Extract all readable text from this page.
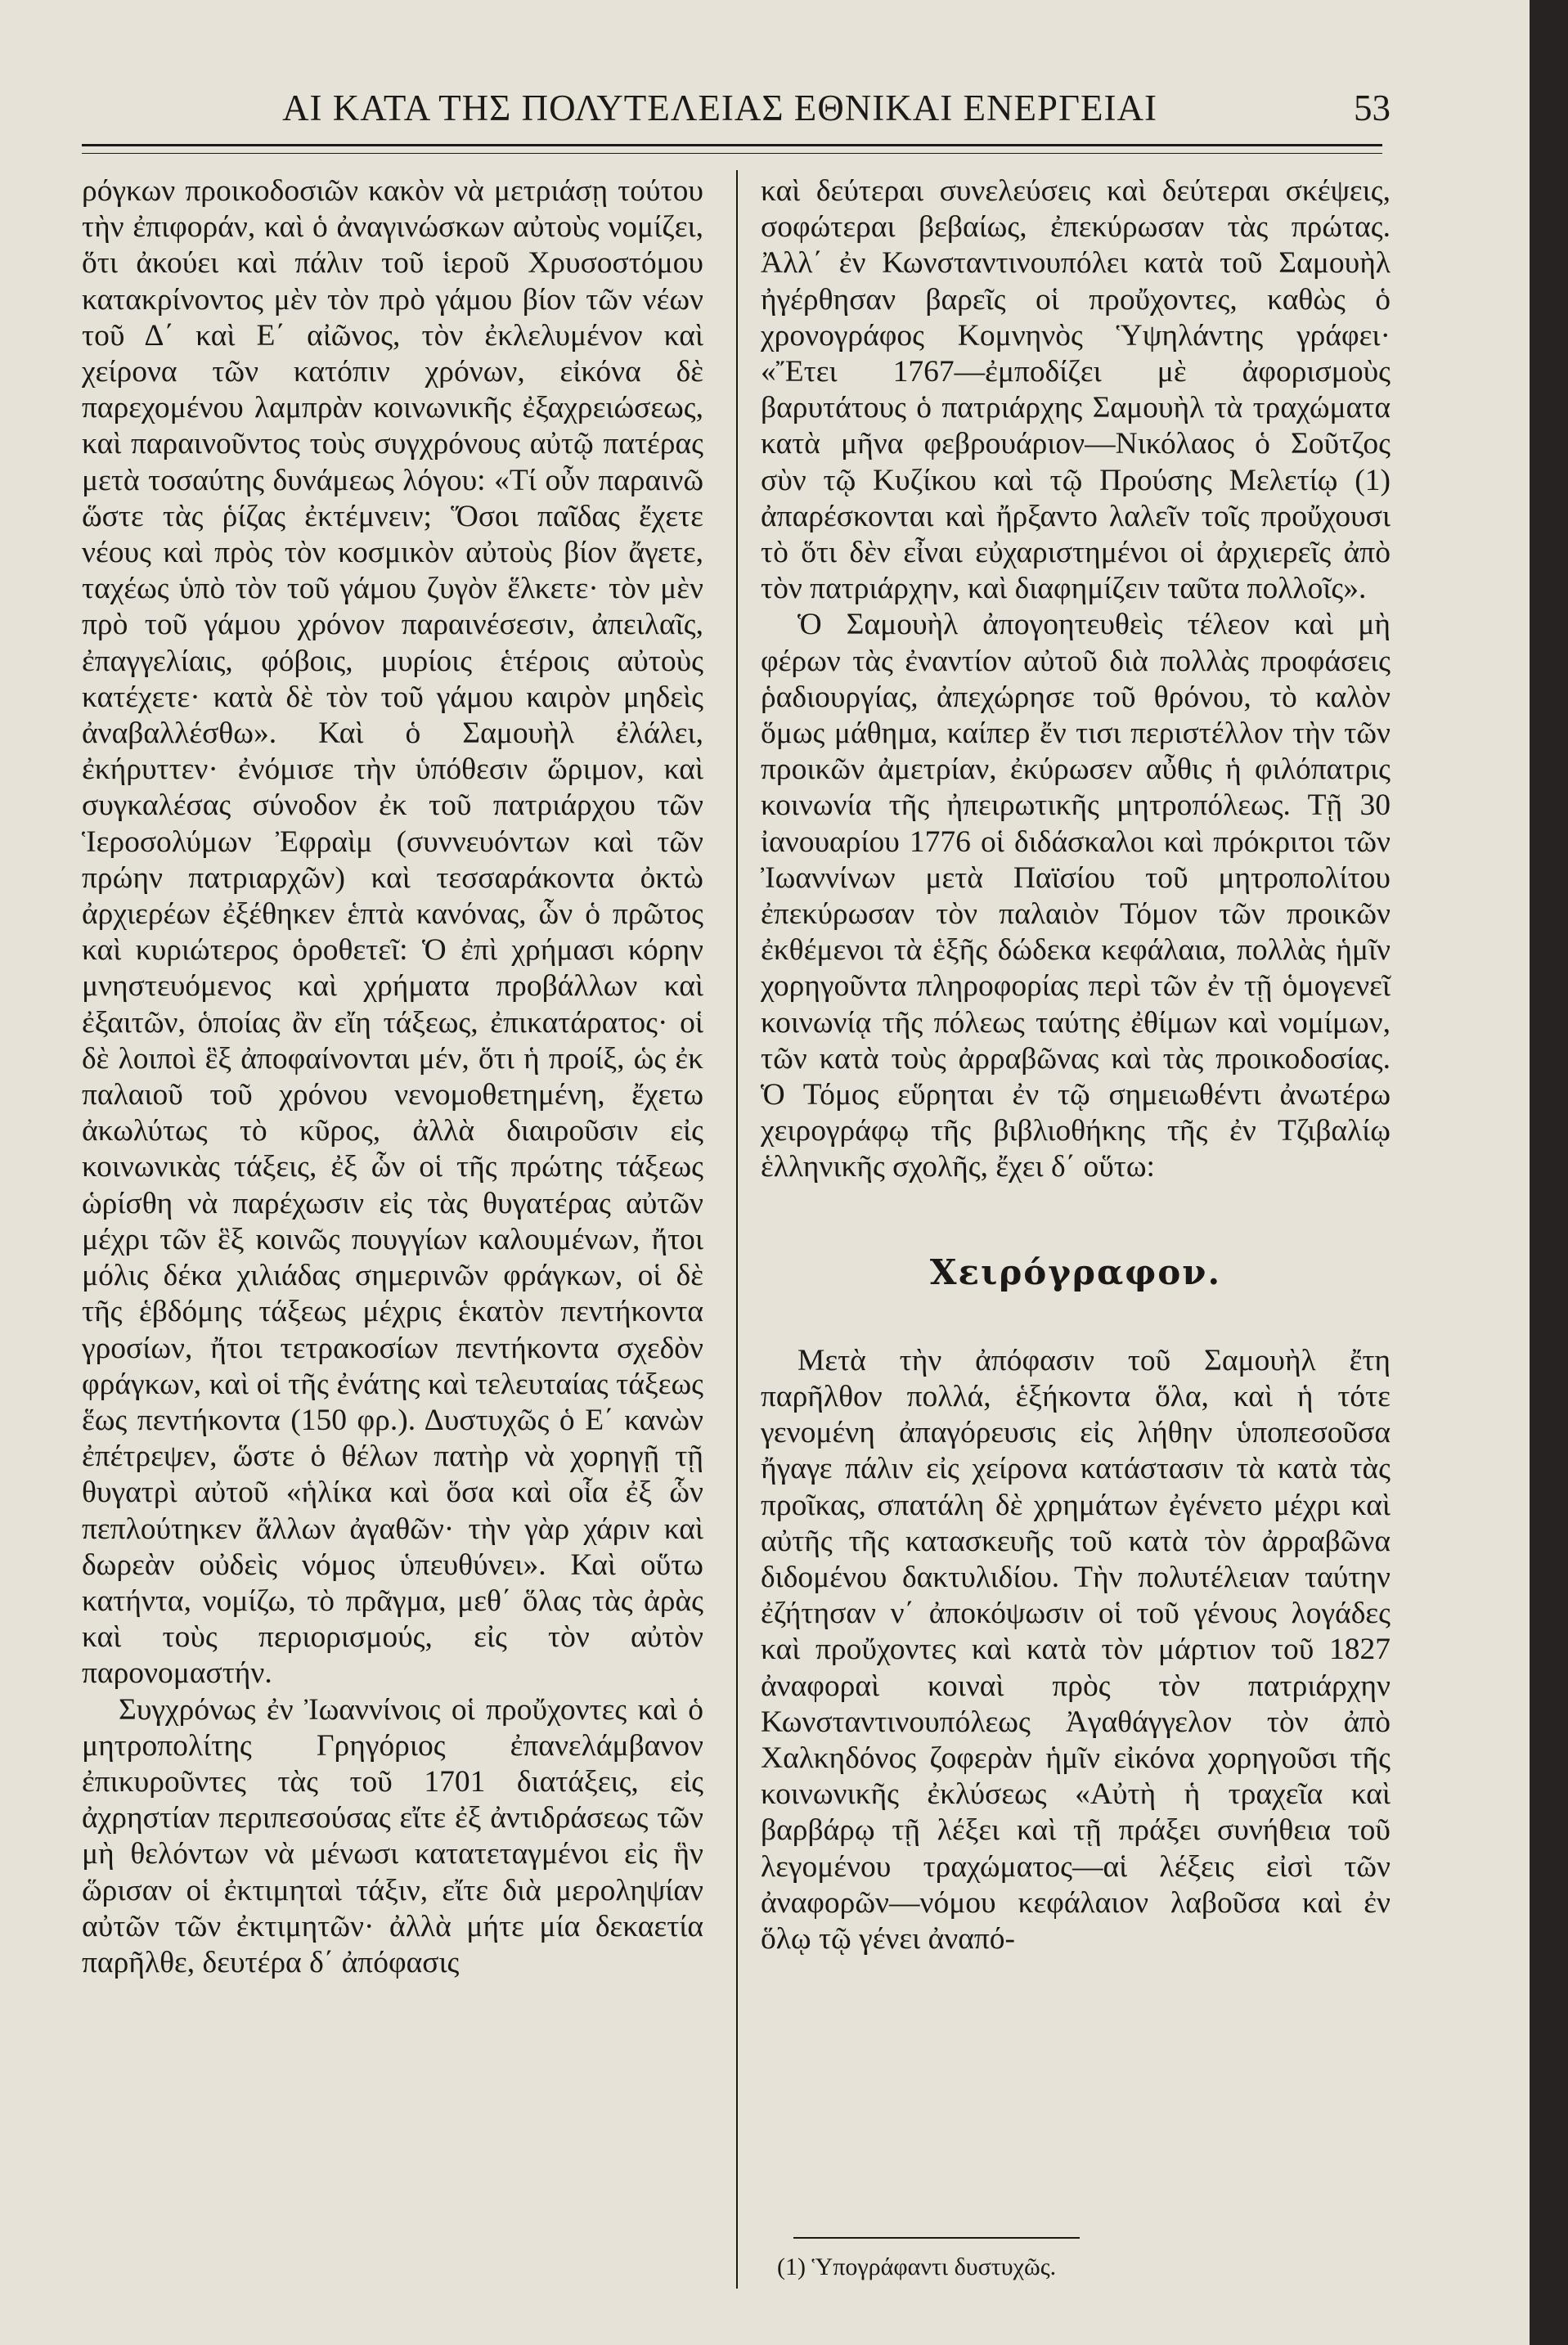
ΑΙ ΚΑΤΑ ΤΗΣ ΠΟΛΥΤΕΛΕΙΑΣ ΕΘΝΙΚΑΙ ΕΝΕΡΓΕΙΑΙ	53

ρόγκων προικοδοσιῶν κακὸν νὰ μετριάσῃ τούτου τὴν ἐπιφοράν, καὶ ὁ ἀναγινώσκων αὐτοὺς νομίζει, ὅτι ἀκούει καὶ πάλιν τοῦ ἱεροῦ Χρυσοστόμου κατακρίνοντος μὲν τὸν πρὸ γάμου βίον τῶν νέων τοῦ Δ΄ καὶ Ε΄ αἰῶνος, τὸν ἐκλελυμένον καὶ χείρονα τῶν κατόπιν χρόνων, εἰκόνα δὲ παρεχομένου λαμπρὰν κοινωνικῆς ἐξαχρειώσεως, καὶ παραινοῦντος τοὺς συγχρόνους αὐτῷ πατέρας μετὰ τοσαύτης δυνάμεως λόγου: «Τί οὖν παραινῶ ὥστε τὰς ῥίζας ἐκτέμνειν; Ὅσοι παῖδας ἔχετε νέους καὶ πρὸς τὸν κοσμικὸν αὐτοὺς βίον ἄγετε, ταχέως ὑπὸ τὸν τοῦ γάμου ζυγὸν ἕλκετε· τὸν μὲν πρὸ τοῦ γάμου χρόνον παραινέσεσιν, ἀπειλαῖς, ἐπαγγελίαις, φόβοις, μυρίοις ἑτέροις αὐτοὺς κατέχετε· κατὰ δὲ τὸν τοῦ γάμου καιρὸν μηδεὶς ἀναβαλλέσθω». Καὶ ὁ Σαμουὴλ ἐλάλει, ἐκήρυττεν· ἐνόμισε τὴν ὑπόθεσιν ὥριμον, καὶ συγκαλέσας σύνοδον ἐκ τοῦ πατριάρχου τῶν Ἱεροσολύμων Ἐφραὶμ (συννευόντων καὶ τῶν πρώην πατριαρχῶν) καὶ τεσσαράκοντα ὀκτὼ ἀρχιερέων ἐξέθηκεν ἑπτὰ κανόνας, ὧν ὁ πρῶτος καὶ κυριώτερος ὁροθετεῖ: Ὁ ἐπὶ χρήμασι κόρην μνηστευόμενος καὶ χρήματα προβάλλων καὶ ἐξαιτῶν, ὁποίας ἂν εἴη τάξεως, ἐπικατάρατος· οἱ δὲ λοιποὶ ἓξ ἀποφαίνονται μέν, ὅτι ἡ προίξ, ὡς ἐκ παλαιοῦ τοῦ χρόνου νενομοθετημένη, ἔχετω ἀκωλύτως τὸ κῦρος, ἀλλὰ διαιροῦσιν εἰς κοινωνικὰς τάξεις, ἐξ ὧν οἱ τῆς πρώτης τάξεως ὡρίσθη νὰ παρέχωσιν εἰς τὰς θυγατέρας αὐτῶν μέχρι τῶν ἓξ κοινῶς πουγγίων καλουμένων, ἤτοι μόλις δέκα χιλιάδας σημερινῶν φράγκων, οἱ δὲ τῆς ἑβδόμης τάξεως μέχρις ἑκατὸν πεντήκοντα γροσίων, ἤτοι τετρακοσίων πεντήκοντα σχεδὸν φράγκων, καὶ οἱ τῆς ἐνάτης καὶ τελευταίας τάξεως ἕως πεντήκοντα (150 φρ.). Δυστυχῶς ὁ Ε΄ κανὼν ἐπέτρεψεν, ὥστε ὁ θέλων πατὴρ νὰ χορηγῇ τῇ θυγατρὶ αὐτοῦ «ἡλίκα καὶ ὅσα καὶ οἷα ἐξ ὧν πεπλούτηκεν ἄλλων ἀγαθῶν· τὴν γὰρ χάριν καὶ δωρεὰν οὐδεὶς νόμος ὑπευθύνει». Καὶ οὕτω κατήντα, νομίζω, τὸ πρᾶγμα, μεθ΄ ὅλας τὰς ἀρὰς καὶ τοὺς περιορισμούς, εἰς τὸν αὐτὸν παρονομαστήν.

Συγχρόνως ἐν Ἰωαννίνοις οἱ προὔχοντες καὶ ὁ μητροπολίτης Γρηγόριος ἐπανελάμβανον ἐπικυροῦντες τὰς τοῦ 1701 διατάξεις, εἰς ἀχρηστίαν περιπεσούσας εἴτε ἐξ ἀντιδράσεως τῶν μὴ θελόντων νὰ μένωσι κατατεταγμένοι εἰς ἣν ὥρισαν οἱ ἐκτιμηταὶ τάξιν, εἴτε διὰ μεροληψίαν αὐτῶν τῶν ἐκτιμητῶν· ἀλλὰ μήτε μία δεκαετία παρῆλθε, δευτέρα δ΄ ἀπόφασις

καὶ δεύτεραι συνελεύσεις καὶ δεύτεραι σκέψεις, σοφώτεραι βεβαίως, ἐπεκύρωσαν τὰς πρώτας. Ἀλλ΄ ἐν Κωνσταντινουπόλει κατὰ τοῦ Σαμουὴλ ἠγέρθησαν βαρεῖς οἱ προὔχοντες, καθὼς ὁ χρονογράφος Κομνηνὸς Ὑψηλάντης γράφει· «Ἔτει 1767—ἐμποδίζει μὲ ἀφορισμοὺς βαρυτάτους ὁ πατριάρχης Σαμουὴλ τὰ τραχώματα κατὰ μῆνα φεβρουάριον—Νικόλαος ὁ Σοῦτζος σὺν τῷ Κυζίκου καὶ τῷ Προύσης Μελετίῳ (1) ἀπαρέσκονται καὶ ἤρξαντο λαλεῖν τοῖς προὔχουσι τὸ ὅτι δὲν εἶναι εὐχαριστημένοι οἱ ἀρχιερεῖς ἀπὸ τὸν πατριάρχην, καὶ διαφημίζειν ταῦτα πολλοῖς».

Ὁ Σαμουὴλ ἀπογοητευθεὶς τέλεον καὶ μὴ φέρων τὰς ἐναντίον αὐτοῦ διὰ πολλὰς προφάσεις ῥαδιουργίας, ἀπεχώρησε τοῦ θρόνου, τὸ καλὸν ὅμως μάθημα, καίπερ ἔν τισι περιστέλλον τὴν τῶν προικῶν ἀμετρίαν, ἐκύρωσεν αὖθις ἡ φιλόπατρις κοινωνία τῆς ἠπειρωτικῆς μητροπόλεως. Τῇ 30 ἰανουαρίου 1776 οἱ διδάσκαλοι καὶ πρόκριτοι τῶν Ἰωαννίνων μετὰ Παϊσίου τοῦ μητροπολίτου ἐπεκύρωσαν τὸν παλαιὸν Τόμον τῶν προικῶν ἐκθέμενοι τὰ ἑξῆς δώδεκα κεφάλαια, πολλὰς ἡμῖν χορηγοῦντα πληροφορίας περὶ τῶν ἐν τῇ ὁμογενεῖ κοινωνίᾳ τῆς πόλεως ταύτης ἐθίμων καὶ νομίμων, τῶν κατὰ τοὺς ἀρραβῶνας καὶ τὰς προικοδοσίας. Ὁ Τόμος εὕρηται ἐν τῷ σημειωθέντι ἀνωτέρω χειρογράφῳ τῆς βιβλιοθήκης τῆς ἐν Τζιβαλίῳ ἑλληνικῆς σχολῆς, ἔχει δ΄ οὕτω:

Χειρόγραφον.

Μετὰ τὴν ἀπόφασιν τοῦ Σαμουὴλ ἔτη παρῆλθον πολλά, ἑξήκοντα ὅλα, καὶ ἡ τότε γενομένη ἀπαγόρευσις εἰς λήθην ὑποπεσοῦσα ἤγαγε πάλιν εἰς χείρονα κατάστασιν τὰ κατὰ τὰς προῖκας, σπατάλη δὲ χρημάτων ἐγένετο μέχρι καὶ αὐτῆς τῆς κατασκευῆς τοῦ κατὰ τὸν ἀρραβῶνα διδομένου δακτυλιδίου. Τὴν πολυτέλειαν ταύτην ἐζήτησαν ν΄ ἀποκόψωσιν οἱ τοῦ γένους λογάδες καὶ προὔχοντες καὶ κατὰ τὸν μάρτιον τοῦ 1827 ἀναφοραὶ κοιναὶ πρὸς τὸν πατριάρχην Κωνσταντινουπόλεως Ἀγαθάγγελον τὸν ἀπὸ Χαλκηδόνος ζοφερὰν ἡμῖν εἰκόνα χορηγοῦσι τῆς κοινωνικῆς ἐκλύσεως «Αὐτὴ ἡ τραχεῖα καὶ βαρβάρῳ τῇ λέξει καὶ τῇ πράξει συνήθεια τοῦ λεγομένου τραχώματος—αἱ λέξεις εἰσὶ τῶν ἀναφορῶν—νόμου κεφάλαιον λαβοῦσα καὶ ἐν ὅλῳ τῷ γένει ἀναπό-

(1) Ὑπογράφαντι δυστυχῶς.
